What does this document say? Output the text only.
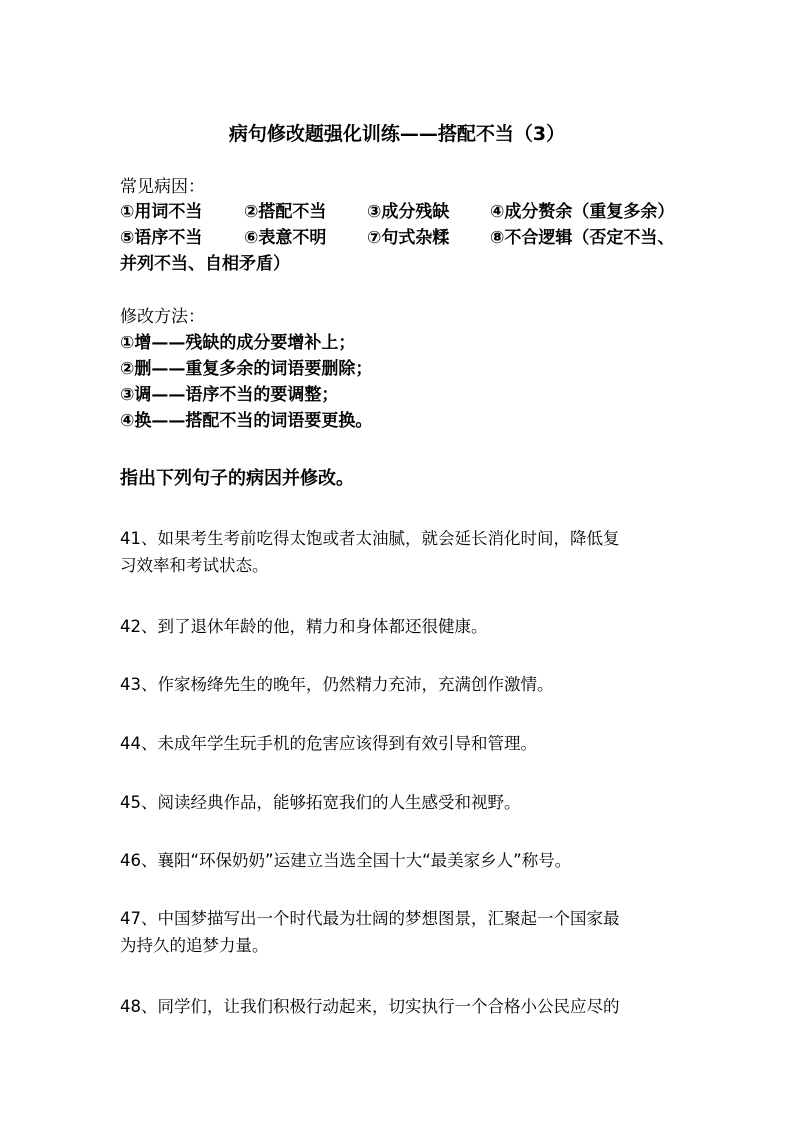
病句修改题强化训练——搭配不当（3）
常见病因：
①用词不当 ②搭配不当 ③成分残缺 ④成分赘余（重复多余）
⑤语序不当 ⑥表意不明 ⑦句式杂糅 ⑧不合逻辑（否定不当、
并列不当、自相矛盾）
修改方法：
①增——残缺的成分要增补上；
②删——重复多余的词语要删除；
③调——语序不当的要调整；
④换——搭配不当的词语要更换。
指出下列句子的病因并修改。
41、如果考生考前吃得太饱或者太油腻，就会延长消化时间，降低复
习效率和考试状态。
42、到了退休年龄的他，精力和身体都还很健康。
43、作家杨绛先生的晚年，仍然精力充沛，充满创作激情。
44、未成年学生玩手机的危害应该得到有效引导和管理。
45、阅读经典作品，能够拓宽我们的人生感受和视野。
46、襄阳“环保奶奶”运建立当选全国十大“最美家乡人”称号。
47、中国梦描写出一个时代最为壮阔的梦想图景，汇聚起一个国家最
为持久的追梦力量。
48、同学们，让我们积极行动起来，切实执行一个合格小公民应尽的
